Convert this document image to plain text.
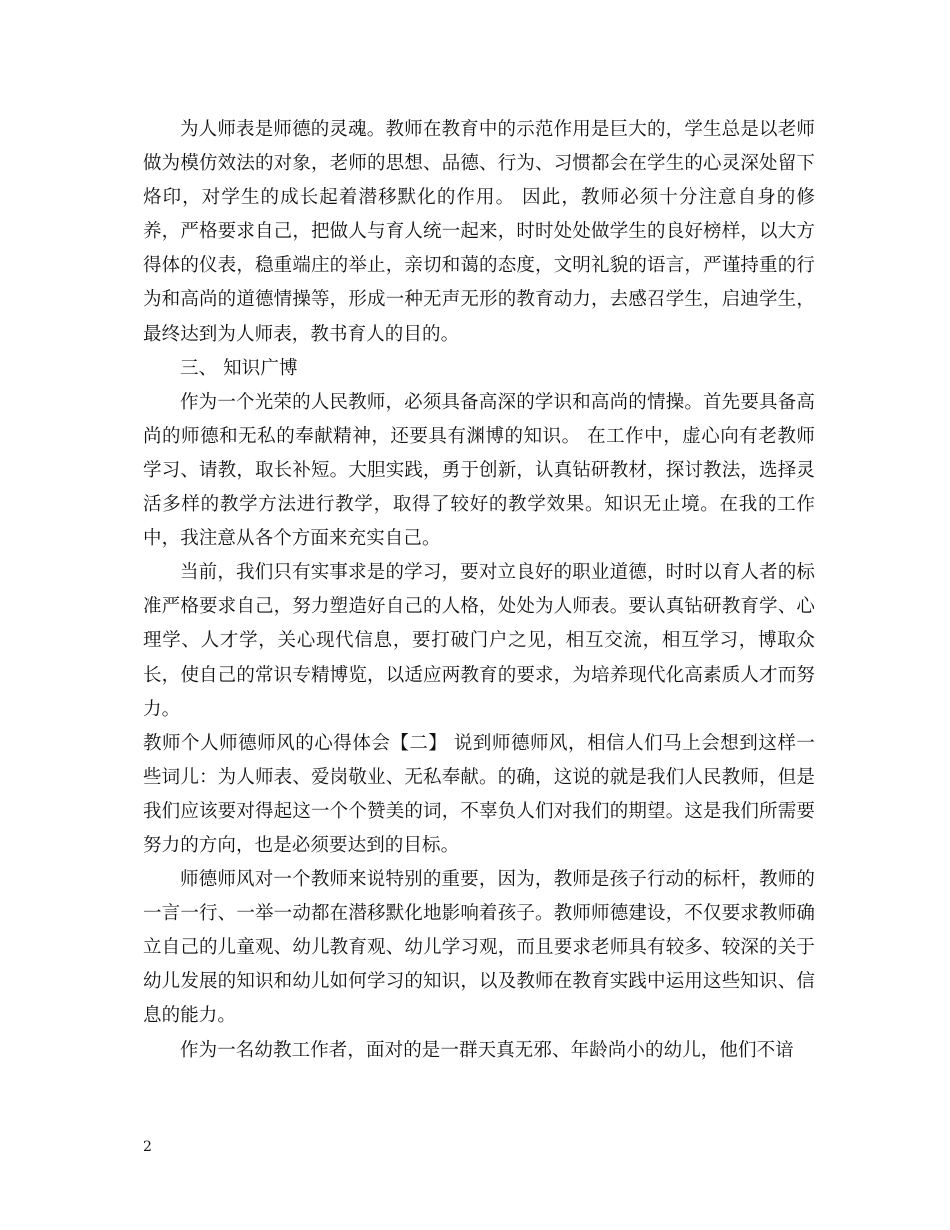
为人师表是师德的灵魂。教师在教育中的示范作用是巨大的，学生总是以老师做为模仿效法的对象，老师的思想、品德、行为、习惯都会在学生的心灵深处留下烙印，对学生的成长起着潜移默化的作用。 因此，教师必须十分注意自身的修养，严格要求自己，把做人与育人统一起来，时时处处做学生的良好榜样，以大方得体的仪表，稳重端庄的举止，亲切和蔼的态度，文明礼貌的语言，严谨持重的行为和高尚的道德情操等，形成一种无声无形的教育动力，去感召学生，启迪学生，最终达到为人师表，教书育人的目的。

三、 知识广博

作为一个光荣的人民教师，必须具备高深的学识和高尚的情操。首先要具备高尚的师德和无私的奉献精神，还要具有渊博的知识。 在工作中，虚心向有老教师学习、请教，取长补短。大胆实践，勇于创新，认真钻研教材，探讨教法，选择灵活多样的教学方法进行教学，取得了较好的教学效果。知识无止境。在我的工作中，我注意从各个方面来充实自己。

当前，我们只有实事求是的学习，要对立良好的职业道德，时时以育人者的标准严格要求自己，努力塑造好自己的人格，处处为人师表。要认真钻研教育学、心理学、人才学，关心现代信息，要打破门户之见，相互交流，相互学习，博取众长，使自己的常识专精博览，以适应两教育的要求，为培养现代化高素质人才而努力。

教师个人师德师风的心得体会【二】 说到师德师风，相信人们马上会想到这样一些词儿：为人师表、爱岗敬业、无私奉献。的确，这说的就是我们人民教师，但是我们应该要对得起这一个个赞美的词，不辜负人们对我们的期望。这是我们所需要努力的方向，也是必须要达到的目标。

师德师风对一个教师来说特别的重要，因为，教师是孩子行动的标杆，教师的一言一行、一举一动都在潜移默化地影响着孩子。教师师德建设，不仅要求教师确立自己的儿童观、幼儿教育观、幼儿学习观，而且要求老师具有较多、较深的关于幼儿发展的知识和幼儿如何学习的知识，以及教师在教育实践中运用这些知识、信息的能力。

作为一名幼教工作者，面对的是一群天真无邪、年龄尚小的幼儿，他们不谙

2
